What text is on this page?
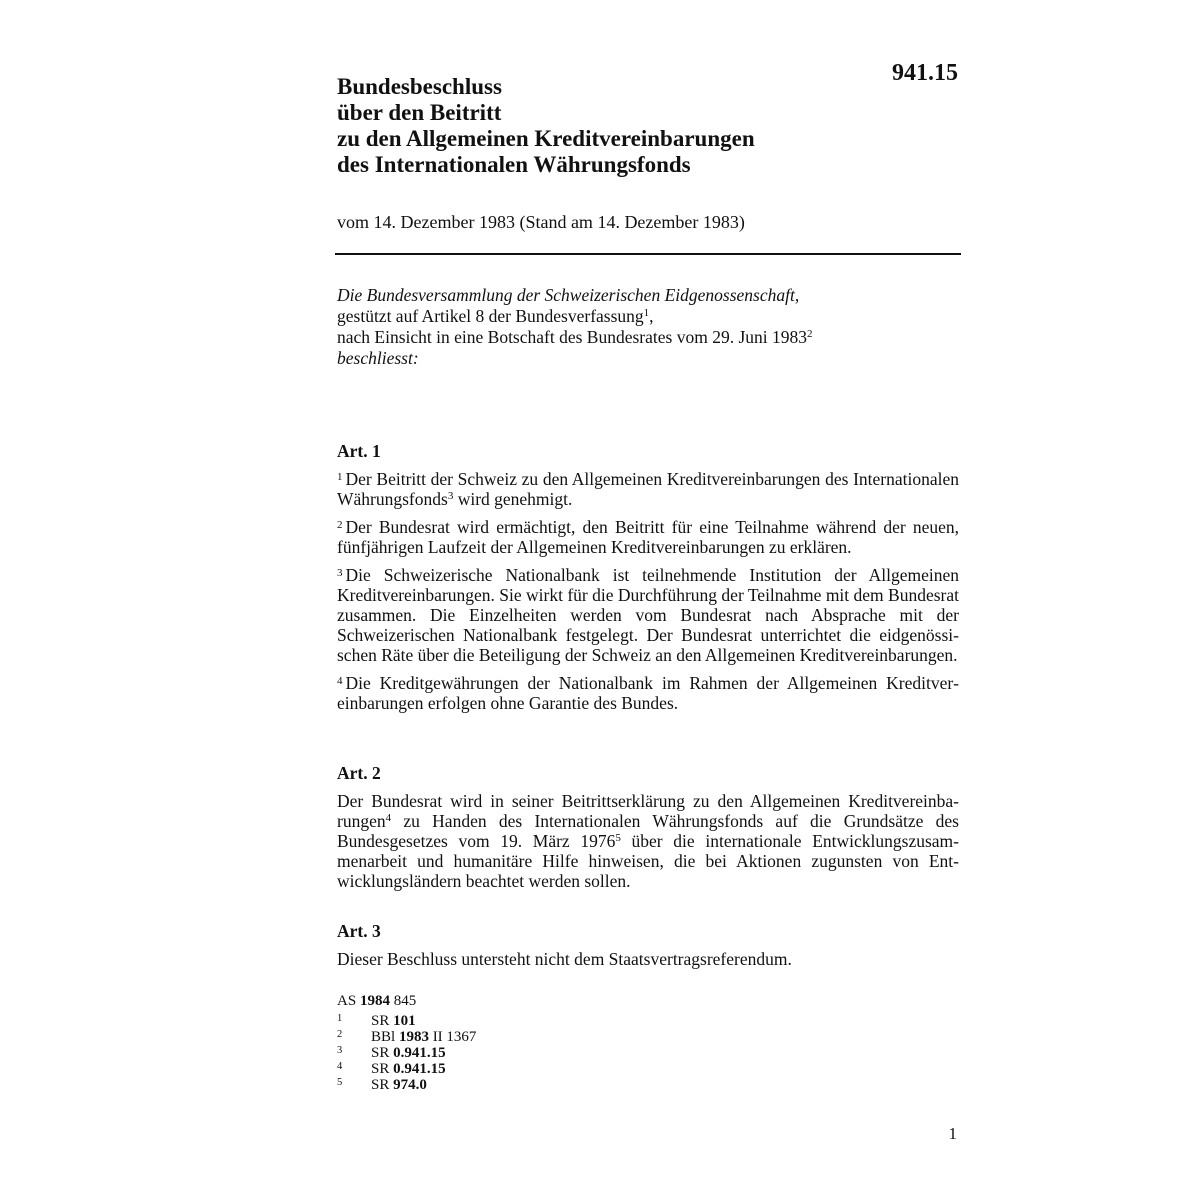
941.15
Bundesbeschluss
über den Beitritt
zu den Allgemeinen Kreditvereinbarungen
des Internationalen Währungsfonds
vom 14. Dezember 1983 (Stand am 14. Dezember 1983)
Die Bundesversammlung der Schweizerischen Eidgenossenschaft,
gestützt auf Artikel 8 der Bundesverfassung$^1$,
nach Einsicht in eine Botschaft des Bundesrates vom 29. Juni 1983$^2$
beschliesst:
Art. 1
$^1$ Der Beitritt der Schweiz zu den Allgemeinen Kreditvereinbarungen des Internationalen Währungsfonds$^3$ wird genehmigt.
$^2$ Der Bundesrat wird ermächtigt, den Beitritt für eine Teilnahme während der neuen, fünfjährigen Laufzeit der Allgemeinen Kreditvereinbarungen zu erklären.
$^3$ Die Schweizerische Nationalbank ist teilnehmende Institution der Allgemeinen Kreditvereinbarungen. Sie wirkt für die Durchführung der Teilnahme mit dem Bundesrat zusammen. Die Einzelheiten werden vom Bundesrat nach Absprache mit der Schweizerischen Nationalbank festgelegt. Der Bundesrat unterrichtet die eidgenössischen Räte über die Beteiligung der Schweiz an den Allgemeinen Kreditvereinbarungen.
$^4$ Die Kreditgewährungen der Nationalbank im Rahmen der Allgemeinen Kreditvereinbarungen erfolgen ohne Garantie des Bundes.
Art. 2
Der Bundesrat wird in seiner Beitrittserklärung zu den Allgemeinen Kreditvereinbarungen$^4$ zu Handen des Internationalen Währungsfonds auf die Grundsätze des Bundesgesetzes vom 19. März 1976$^5$ über die internationale Entwicklungszusammenarbeit und humanitäre Hilfe hinweisen, die bei Aktionen zugunsten von Entwicklungsländern beachtet werden sollen.
Art. 3
Dieser Beschluss untersteht nicht dem Staatsvertragsreferendum.
AS 1984 845
1	SR 101
2	BBl 1983 II 1367
3	SR 0.941.15
4	SR 0.941.15
5	SR 974.0
1
